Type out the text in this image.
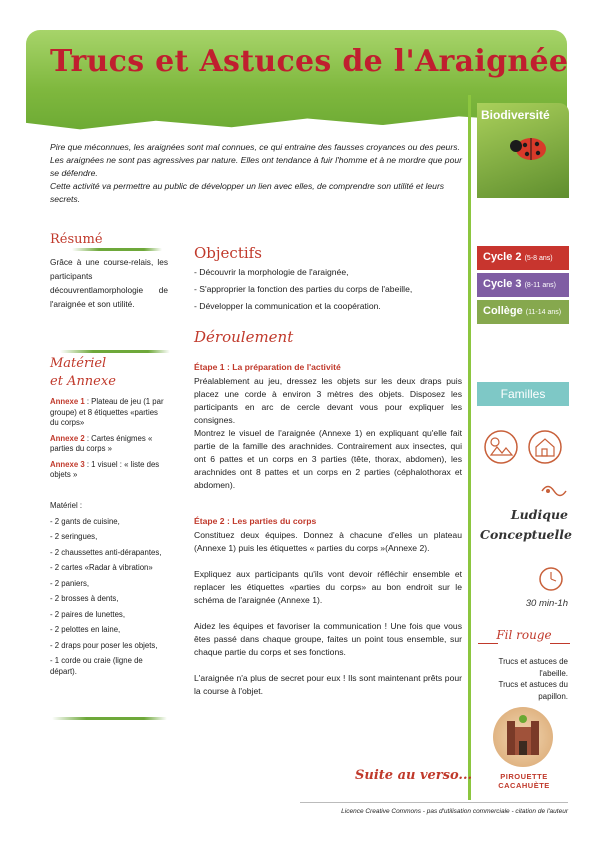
Trucs et Astuces de l'Araignée

Pire que méconnues, les araignées sont mal connues, ce qui entraine des fausses croyances ou des peurs. Les araignées ne sont pas agressives par nature. Elles ont tendance à fuir l'homme et à ne mordre que pour se défendre.

Cette activité va permettre au public de développer un lien avec elles, de comprendre son utilité et leurs secrets.

Biodiversité
Cycle 2 (5-8 ans)
Cycle 3 (8-11 ans)
Collège (11-14 ans)
Familles
Ludique
Conceptuelle
30 min-1h
Fil rouge
Trucs et astuces de l'abeille.
Trucs et astuces du papillon.
PIROUETTE
CACAHUÈTE
Résumé
Grâce à une course-relais, les participants découvrentlamorphologie de l'araignée et son utilité.
Matériel
et Annexe
Annexe 1 : Plateau de jeu (1 par groupe) et 8 étiquettes «parties du corps»
Annexe 2 : Cartes énigmes « parties du corps »
Annexe 3 : 1 visuel : « liste des objets »
Matériel :
- 2 gants de cuisine,
- 2 seringues,
- 2 chaussettes anti-dérapantes,
- 2 cartes «Radar à vibration»
- 2 paniers,
- 2 brosses à dents,
- 2 paires de lunettes,
- 2 pelottes en laine,
- 2 draps pour poser les objets,
- 1 corde ou craie (ligne de départ).
Objectifs
- Découvrir la morphologie de l'araignée,
- S'approprier la fonction des parties du corps de l'abeille,
- Développer la communication et la coopération.
Déroulement
Étape 1 : La préparation de l'activité
Préalablement au jeu, dressez les objets sur les deux draps puis placez une corde à environ 3 mètres des objets. Disposez les participants en arc de cercle devant vous pour expliquer les consignes.
Montrez le visuel de l'araignée (Annexe 1) en expliquant qu'elle fait partie de la famille des arachnides. Contrairement aux insectes, qui ont 6 pattes et un corps en 3 parties (tête, thorax, abdomen), les arachnides ont 8 pattes et un corps en 2 parties (céphalothorax et abdomen).
Étape 2 : Les parties du corps
Constituez deux équipes. Donnez à chacune d'elles un plateau (Annexe 1) puis les étiquettes « parties du corps »(Annexe 2).
Expliquez aux participants qu'ils vont devoir réfléchir ensemble et replacer les étiquettes «parties du corps» au bon endroit sur le schéma de l'araignée (Annexe 1).
Aidez les équipes et favoriser la communication ! Une fois que vous êtes passé dans chaque groupe, faites un point tous ensemble, sur chaque partie du corps et ses fonctions.
L'araignée n'a plus de secret pour eux ! Ils sont maintenant prêts pour la course à l'objet.
Suite au verso...
Licence Creative Commons - pas d'utilisation commerciale - citation de l'auteur
